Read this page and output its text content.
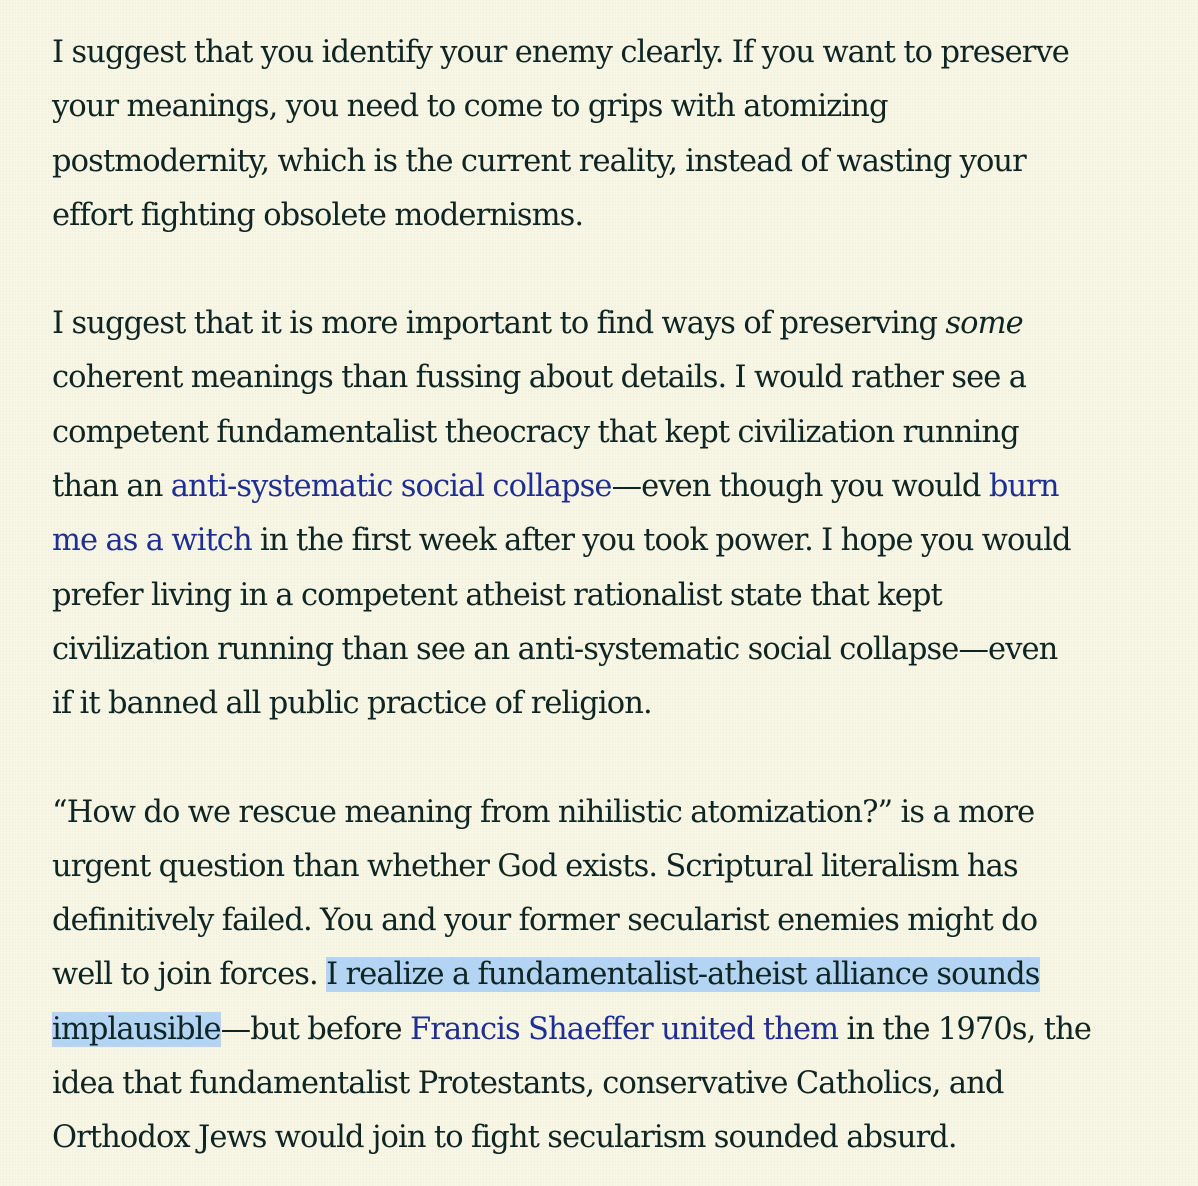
I suggest that you identify your enemy clearly. If you want to preserve
your meanings, you need to come to grips with atomizing
postmodernity, which is the current reality, instead of wasting your
effort fighting obsolete modernisms.

I suggest that it is more important to find ways of preserving some
coherent meanings than fussing about details. I would rather see a
competent fundamentalist theocracy that kept civilization running
than an anti-systematic social collapse—even though you would burn
me as a witch in the first week after you took power. I hope you would
prefer living in a competent atheist rationalist state that kept
civilization running than see an anti-systematic social collapse—even
if it banned all public practice of religion.

“How do we rescue meaning from nihilistic atomization?” is a more
urgent question than whether God exists. Scriptural literalism has
definitively failed. You and your former secularist enemies might do
well to join forces. I realize a fundamentalist-atheist alliance sounds
implausible—but before Francis Shaeffer united them in the 1970s, the
idea that fundamentalist Protestants, conservative Catholics, and
Orthodox Jews would join to fight secularism sounded absurd.
